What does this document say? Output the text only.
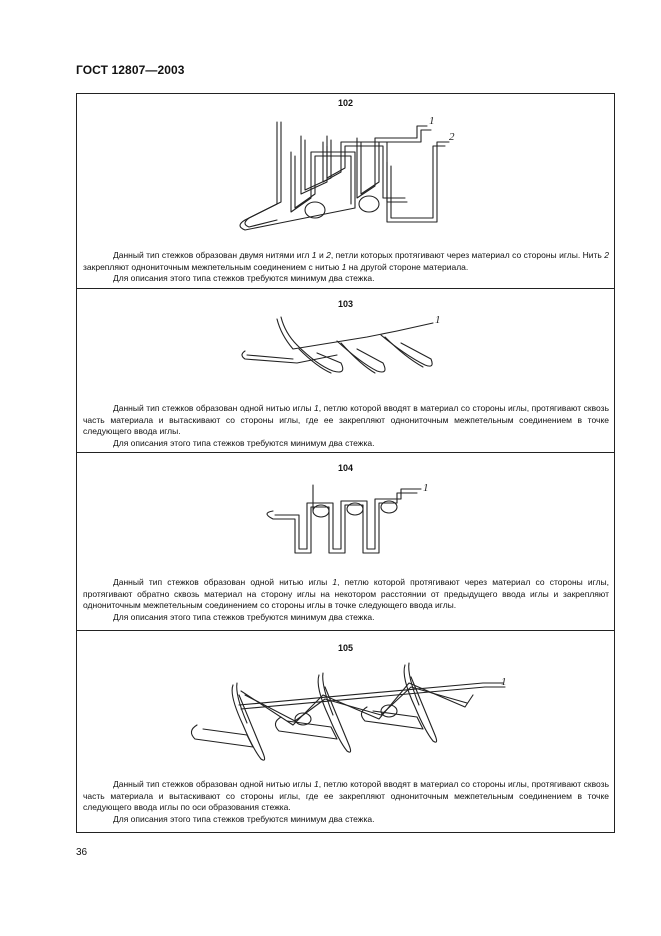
ГОСТ 12807—2003
102
1
2

Данный тип стежков образован двумя нитями игл 1 и 2, петли которых протягивают через материал со стороны иглы. Нить 2 закрепляют однониточным межпетельным соединением с нитью 1 на другой стороне материала.

Для описания этого типа стежков требуются минимум два стежка.

103
1

Данный тип стежков образован одной нитью иглы 1, петлю которой вводят в материал со стороны иглы, протягивают сквозь часть материала и вытаскивают со стороны иглы, где ее закрепляют однониточным межпетельным соединением в точке следующего ввода иглы.

Для описания этого типа стежков требуются минимум два стежка.

104
1

Данный тип стежков образован одной нитью иглы 1, петлю которой протягивают через материал со стороны иглы, протягивают обратно сквозь материал на сторону иглы на некотором расстоянии от предыдущего ввода иглы и закрепляют однониточным межпетельным соединением со стороны иглы в точке следующего ввода иглы.

Для описания этого типа стежков требуются минимум два стежка.

105
1

Данный тип стежков образован одной нитью иглы 1, петлю которой вводят в материал со стороны иглы, протягивают сквозь часть материала и вытаскивают со стороны иглы, где ее закрепляют однониточным межпетельным соединением в точке следующего ввода иглы по оси образования стежка.

Для описания этого типа стежков требуются минимум два стежка.

36
